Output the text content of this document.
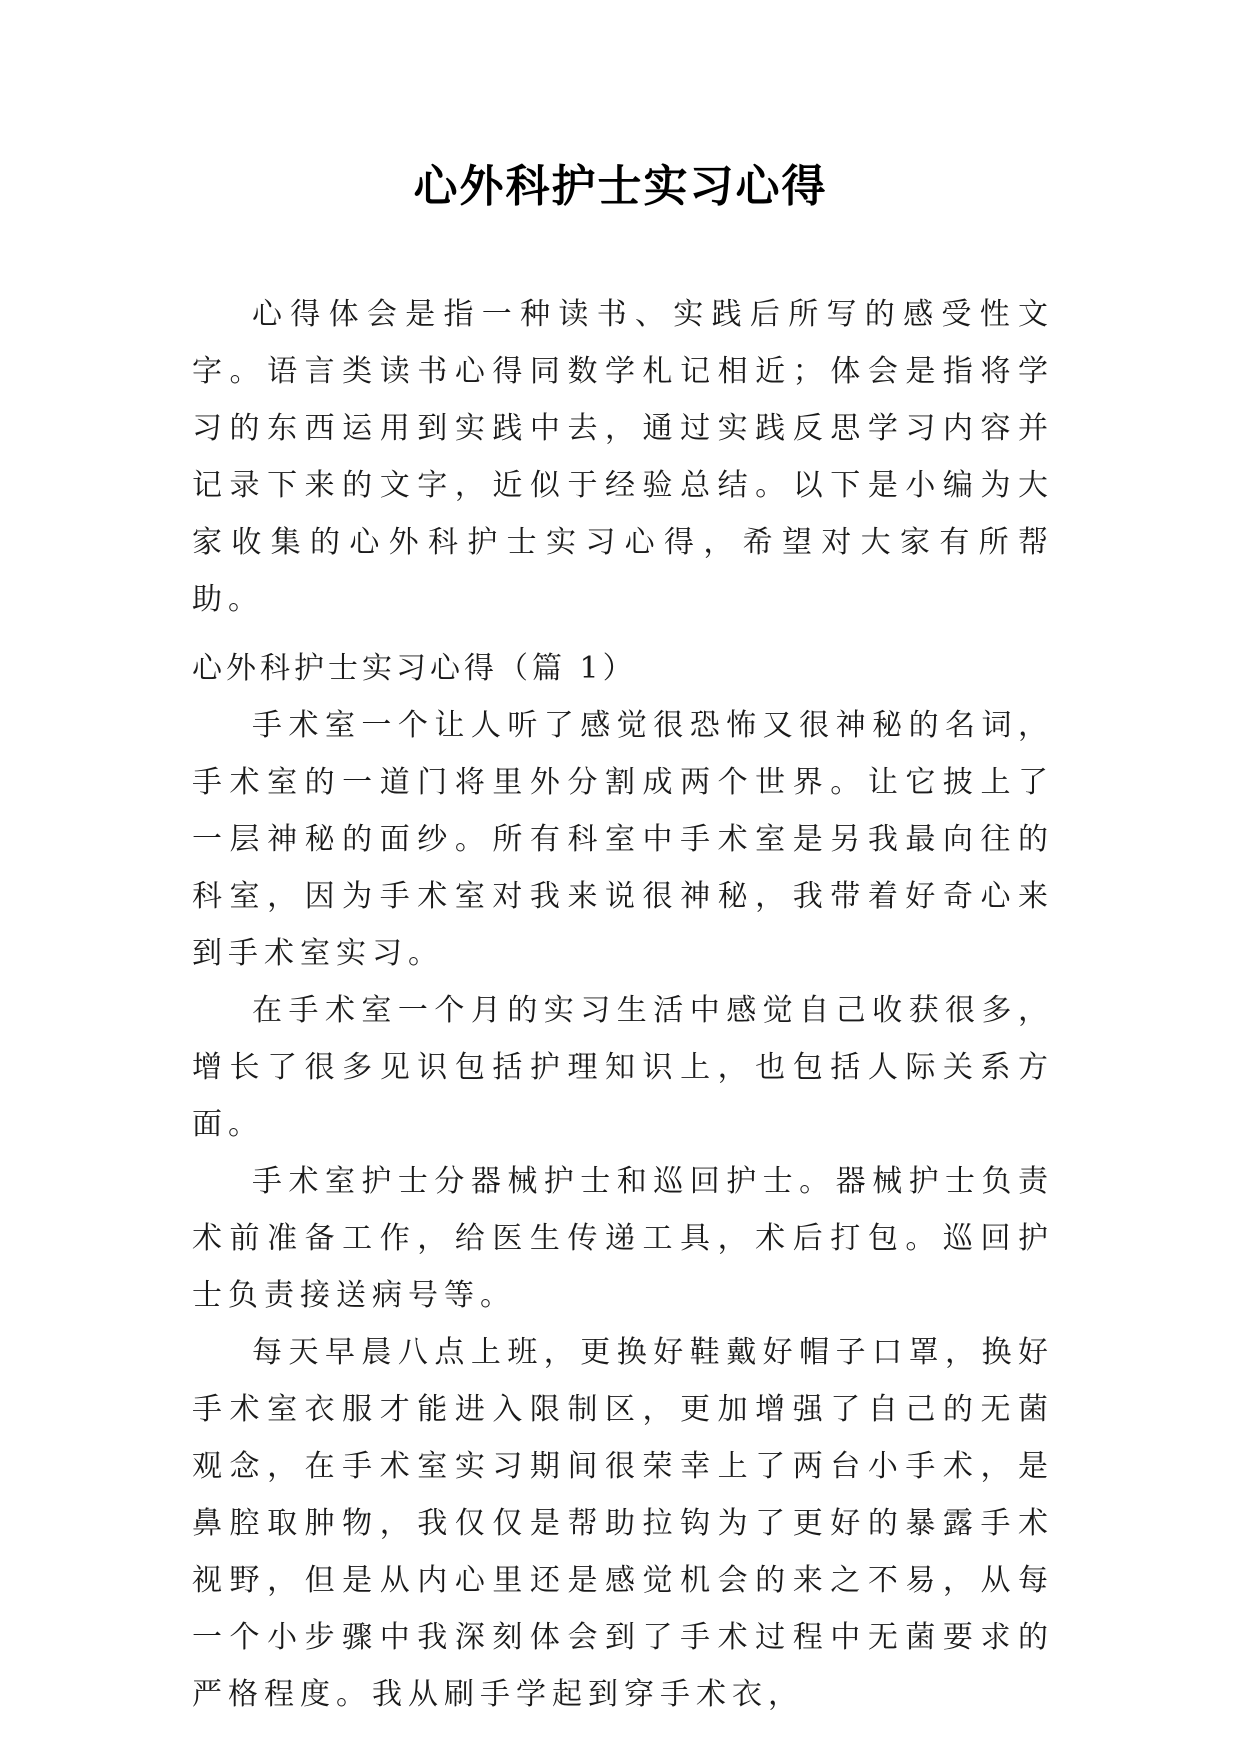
心外科护士实习心得

心得体会是指一种读书、实践后所写的感受性文字。语言类读书心得同数学札记相近；体会是指将学习的东西运用到实践中去，通过实践反思学习内容并记录下来的文字，近似于经验总结。以下是小编为大家收集的心外科护士实习心得，希望对大家有所帮助。

心外科护士实习心得（篇 1）

手术室一个让人听了感觉很恐怖又很神秘的名词，手术室的一道门将里外分割成两个世界。让它披上了一层神秘的面纱。所有科室中手术室是另我最向往的科室，因为手术室对我来说很神秘，我带着好奇心来到手术室实习。

在手术室一个月的实习生活中感觉自己收获很多，增长了很多见识包括护理知识上，也包括人际关系方面。

手术室护士分器械护士和巡回护士。器械护士负责术前准备工作，给医生传递工具，术后打包。巡回护士负责接送病号等。

每天早晨八点上班，更换好鞋戴好帽子口罩，换好手术室衣服才能进入限制区，更加增强了自己的无菌观念，在手术室实习期间很荣幸上了两台小手术，是鼻腔取肿物，我仅仅是帮助拉钩为了更好的暴露手术视野，但是从内心里还是感觉机会的来之不易，从每一个小步骤中我深刻体会到了手术过程中无菌要求的严格程度。我从刷手学起到穿手术衣，
